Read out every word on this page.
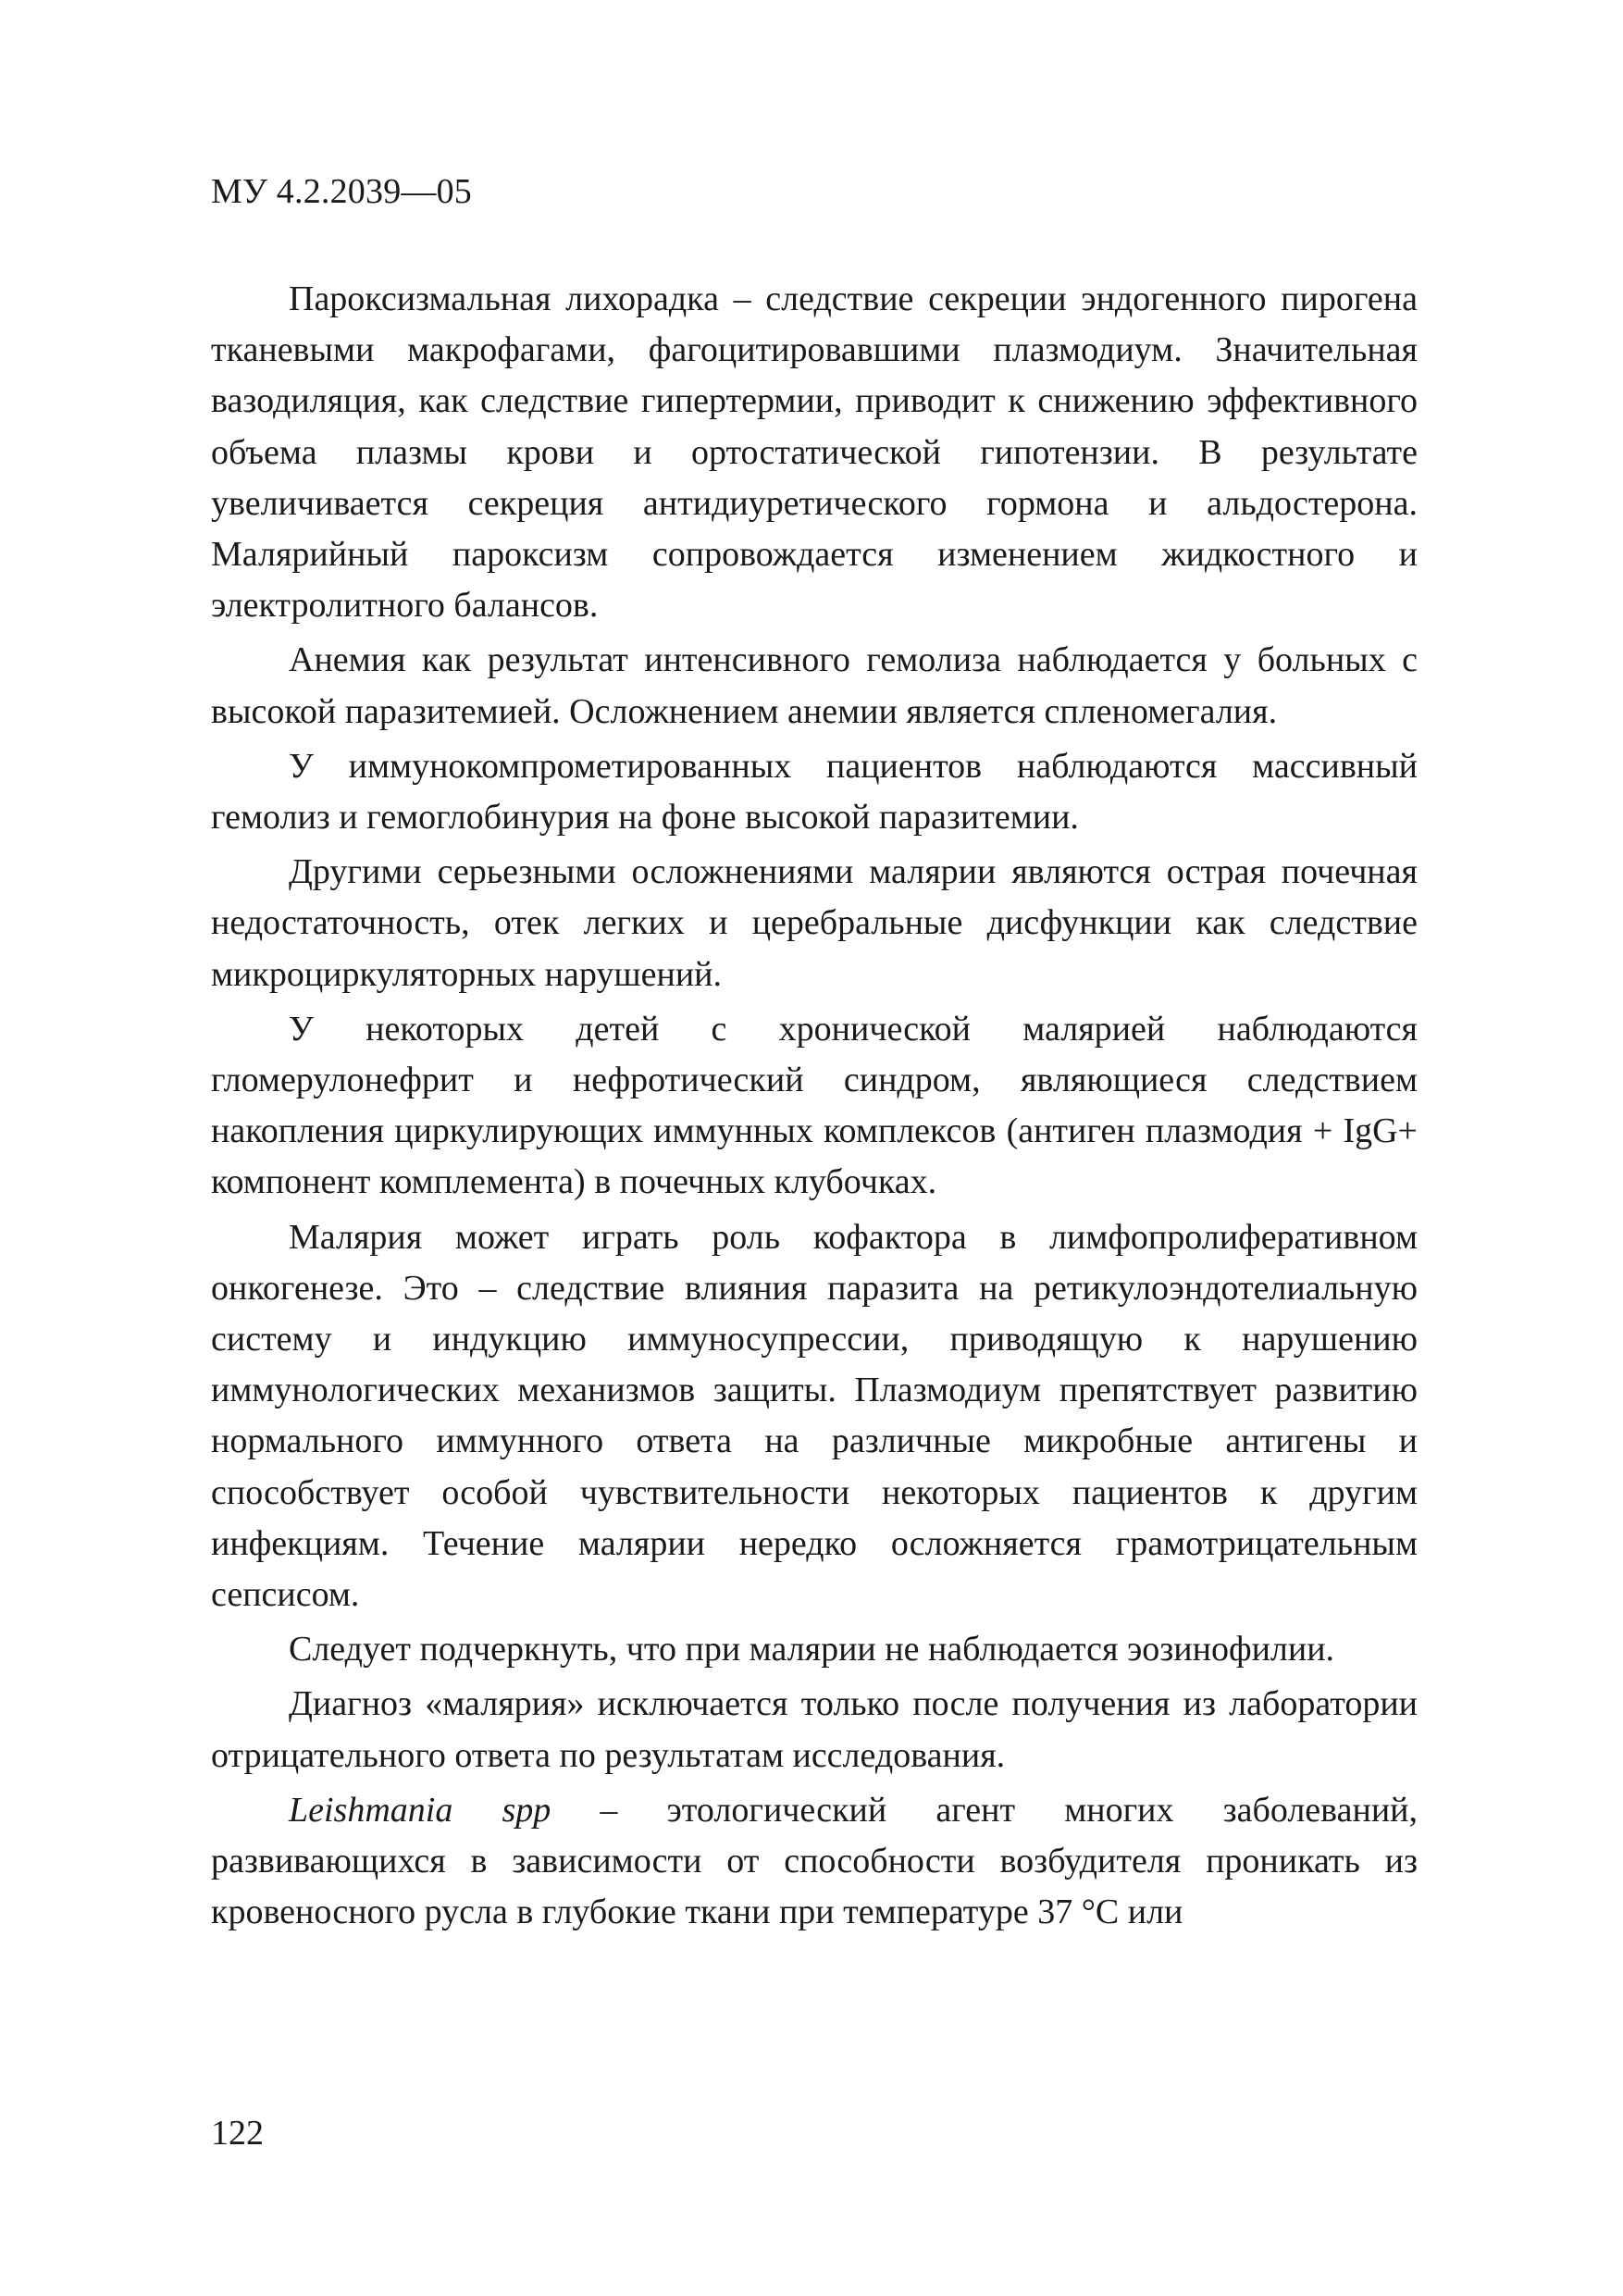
МУ 4.2.2039—05

Пароксизмальная лихорадка – следствие секреции эндогенного пирогена тканевыми макрофагами, фагоцитировавшими плазмодиум. Значительная вазодиляция, как следствие гипертермии, приводит к снижению эффективного объема плазмы крови и ортостатической гипотензии. В результате увеличивается секреция антидиуретического гормона и альдостерона. Малярийный пароксизм сопровождается изменением жидкостного и электролитного балансов.

Анемия как результат интенсивного гемолиза наблюдается у больных с высокой паразитемией. Осложнением анемии является спленомегалия.

У иммунокомпрометированных пациентов наблюдаются массивный гемолиз и гемоглобинурия на фоне высокой паразитемии.

Другими серьезными осложнениями малярии являются острая почечная недостаточность, отек легких и церебральные дисфункции как следствие микроциркуляторных нарушений.

У некоторых детей с хронической малярией наблюдаются гломерулонефрит и нефротический синдром, являющиеся следствием накопления циркулирующих иммунных комплексов (антиген плазмодия + IgG+ компонент комплемента) в почечных клубочках.

Малярия может играть роль кофактора в лимфопролиферативном онкогенезе. Это – следствие влияния паразита на ретикулоэндотелиальную систему и индукцию иммуносупрессии, приводящую к нарушению иммунологических механизмов защиты. Плазмодиум препятствует развитию нормального иммунного ответа на различные микробные антигены и способствует особой чувствительности некоторых пациентов к другим инфекциям. Течение малярии нередко осложняется грамотрицательным сепсисом.

Следует подчеркнуть, что при малярии не наблюдается эозинофилии.

Диагноз «малярия» исключается только после получения из лаборатории отрицательного ответа по результатам исследования.

Leishmania spp – этологический агент многих заболеваний, развивающихся в зависимости от способности возбудителя проникать из кровеносного русла в глубокие ткани при температуре 37 °С или

122
